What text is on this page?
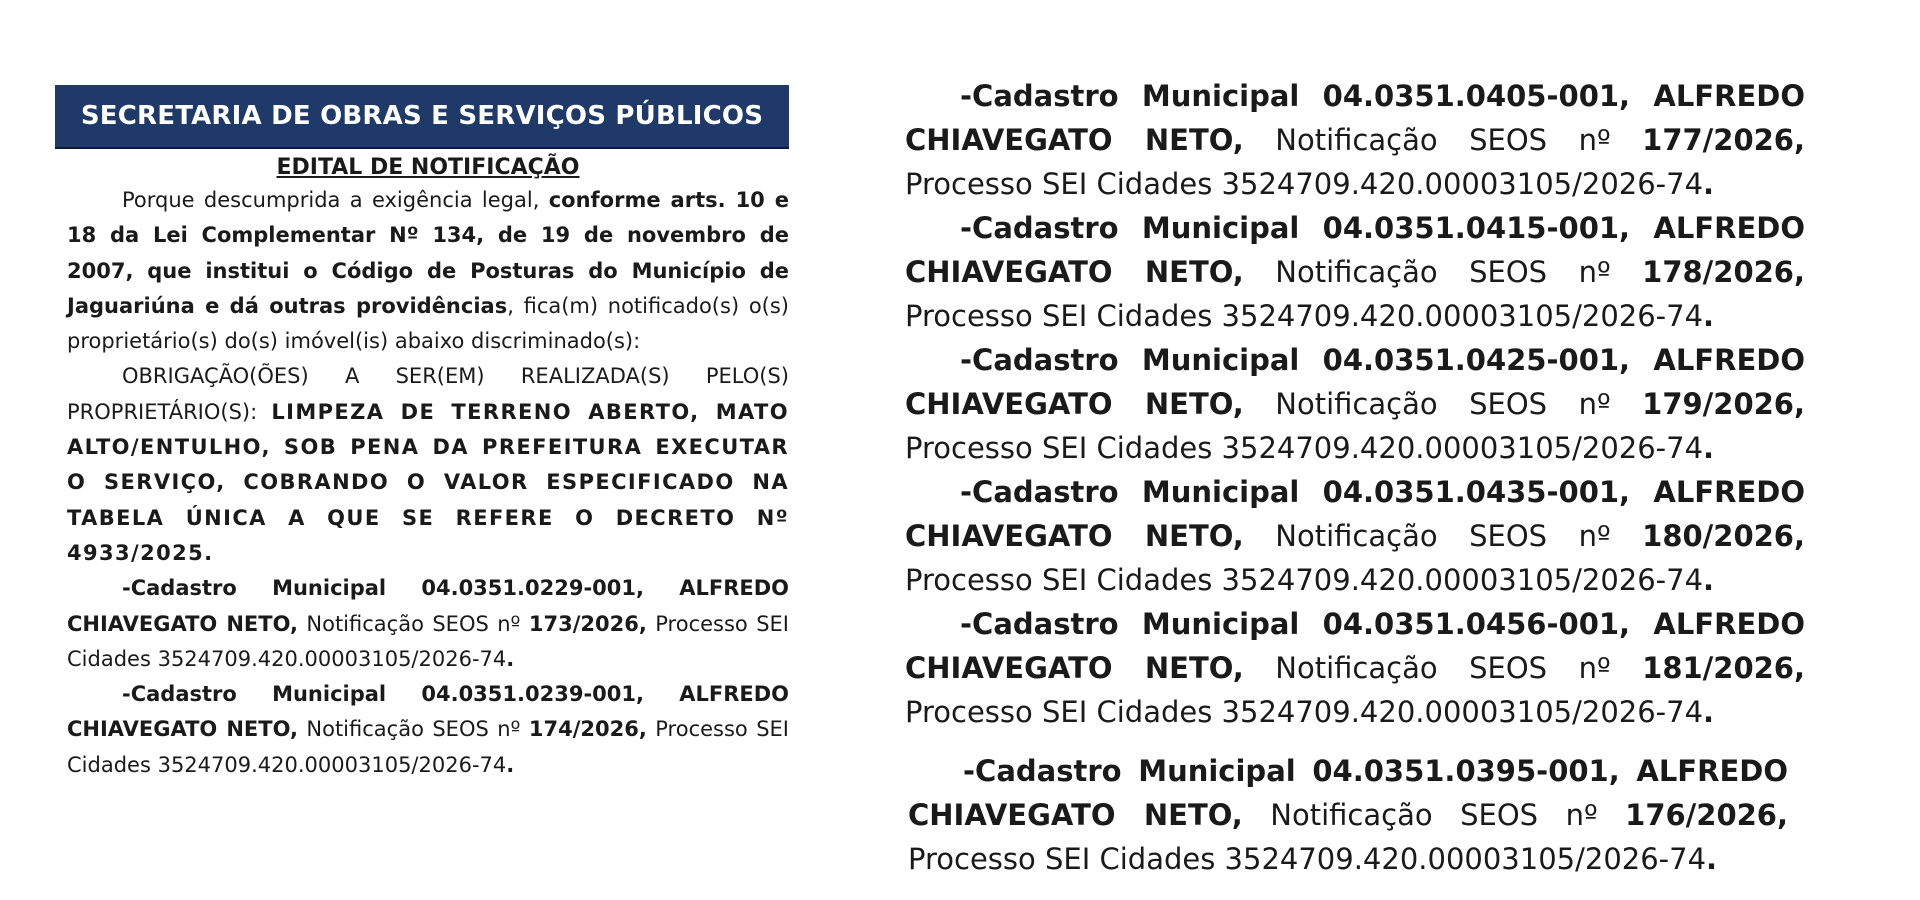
SECRETARIA DE OBRAS E SERVIÇOS PÚBLICOS
EDITAL DE NOTIFICAÇÃO

Porque descumprida a exigência legal, conforme arts. 10 e 18 da Lei Complementar Nº 134, de 19 de novembro de 2007, que institui o Código de Posturas do Município de Jaguariúna e dá outras providências, fica(m) notificado(s) o(s) proprietário(s) do(s) imóvel(is) abaixo discriminado(s):

OBRIGAÇÃO(ÕES) A SER(EM) REALIZADA(S) PELO(S) PROPRIETÁRIO(S): LIMPEZA DE TERRENO ABERTO, MATO ALTO/ENTULHO, SOB PENA DA PREFEITURA EXECUTAR O SERVIÇO, COBRANDO O VALOR ESPECIFICADO NA TABELA ÚNICA A QUE SE REFERE O DECRETO Nº 4933/2025.

-Cadastro Municipal 04.0351.0229-001, ALFREDO CHIAVEGATO NETO, Notificação SEOS nº 173/2026, Processo SEI Cidades 3524709.420.00003105/2026-74.

-Cadastro Municipal 04.0351.0239-001, ALFREDO CHIAVEGATO NETO, Notificação SEOS nº 174/2026, Processo SEI Cidades 3524709.420.00003105/2026-74.

-Cadastro Municipal 04.0351.0405-001, ALFREDO CHIAVEGATO NETO, Notificação SEOS nº 177/2026, Processo SEI Cidades 3524709.420.00003105/2026-74.

-Cadastro Municipal 04.0351.0415-001, ALFREDO CHIAVEGATO NETO, Notificação SEOS nº 178/2026, Processo SEI Cidades 3524709.420.00003105/2026-74.

-Cadastro Municipal 04.0351.0425-001, ALFREDO CHIAVEGATO NETO, Notificação SEOS nº 179/2026, Processo SEI Cidades 3524709.420.00003105/2026-74.

-Cadastro Municipal 04.0351.0435-001, ALFREDO CHIAVEGATO NETO, Notificação SEOS nº 180/2026, Processo SEI Cidades 3524709.420.00003105/2026-74.

-Cadastro Municipal 04.0351.0456-001, ALFREDO CHIAVEGATO NETO, Notificação SEOS nº 181/2026, Processo SEI Cidades 3524709.420.00003105/2026-74.

-Cadastro Municipal 04.0351.0395-001, ALFREDO CHIAVEGATO NETO, Notificação SEOS nº 176/2026, Processo SEI Cidades 3524709.420.00003105/2026-74.
